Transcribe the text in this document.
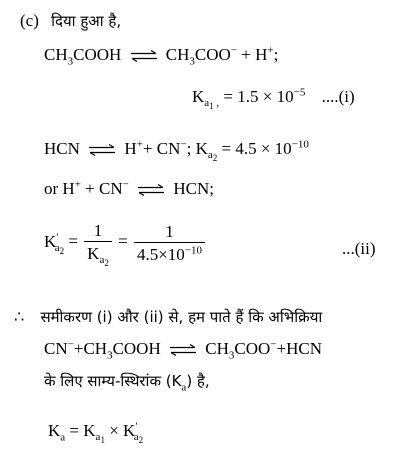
(c) दिया हुआ है,
$CH_3COOH$ ⇌ $CH_3COO^- + H^+$;
$K_{a_1 ,} = 1.5 \times 10^{-5}$ ....(i)
HCN ⇌ H++ CN−; $K_{a_2} = 4.5 \times 10^{-10}$
or H+ + CN− ⇌ HCN;
$K'_{a_2} = \frac{1}{K_{a_2}} = \frac{1}{4.5\times 10^{-10}}$	...(ii)
∴ समीकरण (i) और (ii) से, हम पाते हैं कि अभिक्रिया
$CN^-+CH_3COOH$ ⇌ $CH_3COO^-+HCN$
के लिए साम्य-स्थिरांक $(K_a)$ है,
$K_a = K_{a_1} \times K'_{a_2}$
